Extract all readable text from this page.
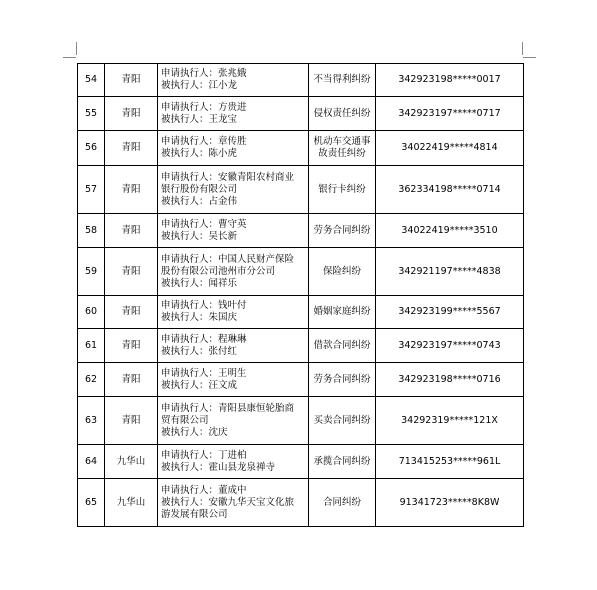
54	青阳	申请执行人：张兆娥
被执行人：江小龙	不当得利纠纷	342923198*****0017
55	青阳	申请执行人：方贵进
被执行人：王龙宝	侵权责任纠纷	342923197*****0717
56	青阳	申请执行人：章传胜
被执行人：陈小虎	机动车交通事
故责任纠纷	34022419*****4814
57	青阳	申请执行人：安徽青阳农村商业
银行股份有限公司
被执行人：占金伟	银行卡纠纷	362334198*****0714
58	青阳	申请执行人：曹守英
被执行人：吴长新	劳务合同纠纷	34022419*****3510
59	青阳	申请执行人：中国人民财产保险
股份有限公司池州市分公司
被执行人：闻祥乐	保险纠纷	342921197*****4838
60	青阳	申请执行人：钱叶付
被执行人：朱国庆	婚姻家庭纠纷	342923199*****5567
61	青阳	申请执行人：程琳琳
被执行人：张付红	借款合同纠纷	342923197*****0743
62	青阳	申请执行人：王明生
被执行人：汪文成	劳务合同纠纷	342923198*****0716
63	青阳	申请执行人：青阳县康恒轮胎商
贸有限公司
被执行人：沈庆	买卖合同纠纷	34292319*****121X
64	九华山	申请执行人：丁进柏
被执行人：霍山县龙泉禅寺	承揽合同纠纷	713415253*****961L
65	九华山	申请执行人：董成中
被执行人：安徽九华天宝文化旅
游发展有限公司	合同纠纷	91341723*****8K8W
